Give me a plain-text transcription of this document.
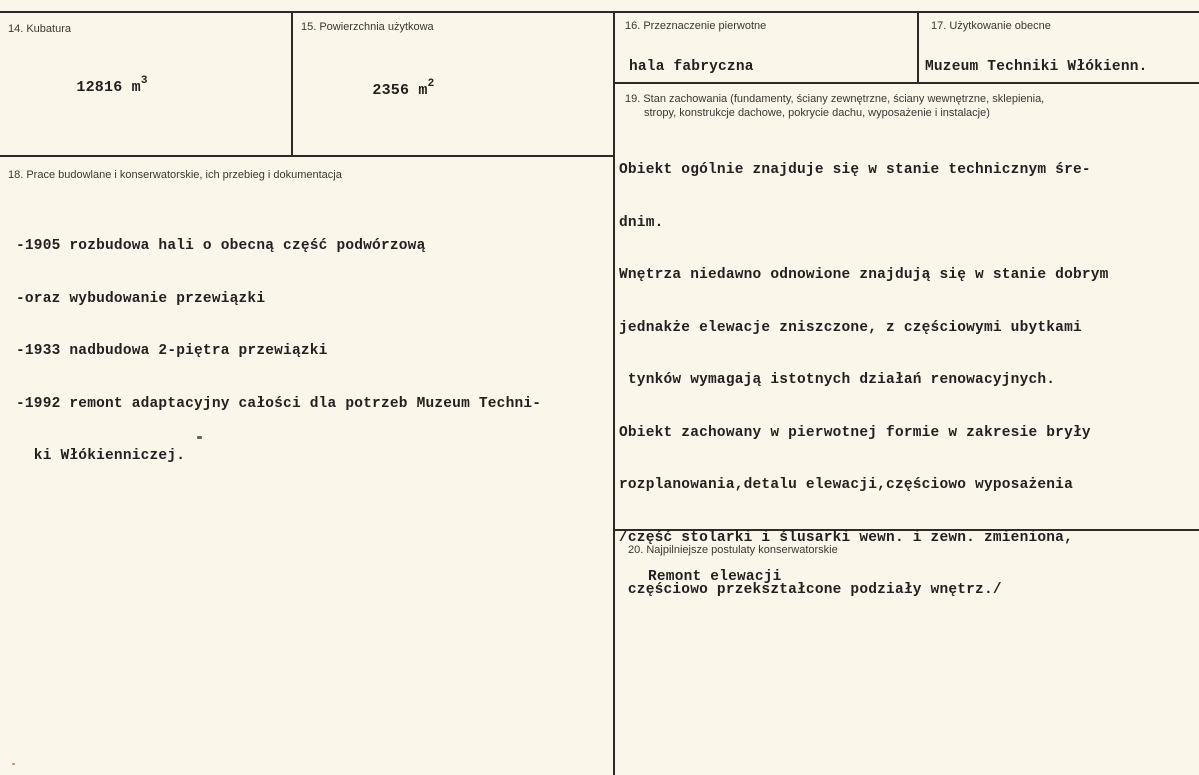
14. Kubatura

12816 $m^3$

15. Powierzchnia użytkowa

2356 $m^2$

16. Przeznaczenie pierwotne
hala fabryczna
17. Użytkowanie obecne
Muzeum Techniki Włókienn.
18. Prace budowlane i konserwatorskie, ich przebieg i dokumentacja

-1905 rozbudowa hali o obecną część podwórzową

-oraz wybudowanie przewiązki

-1933 nadbudowa 2-piętra przewiązki

-1992 remont adaptacyjny całości dla potrzeb Muzeum Techni-

ki Włókienniczej.

19. Stan zachowania (fundamenty, ściany zewnętrzne, ściany wewnętrzne, sklepienia,
stropy, konstrukcje dachowe, pokrycie dachu, wyposażenie i instalacje)

Obiekt ogólnie znajduje się w stanie technicznym śre-

dnim.

Wnętrza niedawno odnowione znajdują się w stanie dobrym

jednakże elewacje zniszczone, z częściowymi ubytkami

tynków wymagają istotnych działań renowacyjnych.

Obiekt zachowany w pierwotnej formie w zakresie bryły

rozplanowania,detalu elewacji,częściowo wyposażenia

/część stolarki i ślusarki wewn. i zewn. zmieniona,

częściowo przekształcone podziały wnętrz./

20. Najpilniejsze postulaty konserwatorskie
Remont elewacji
